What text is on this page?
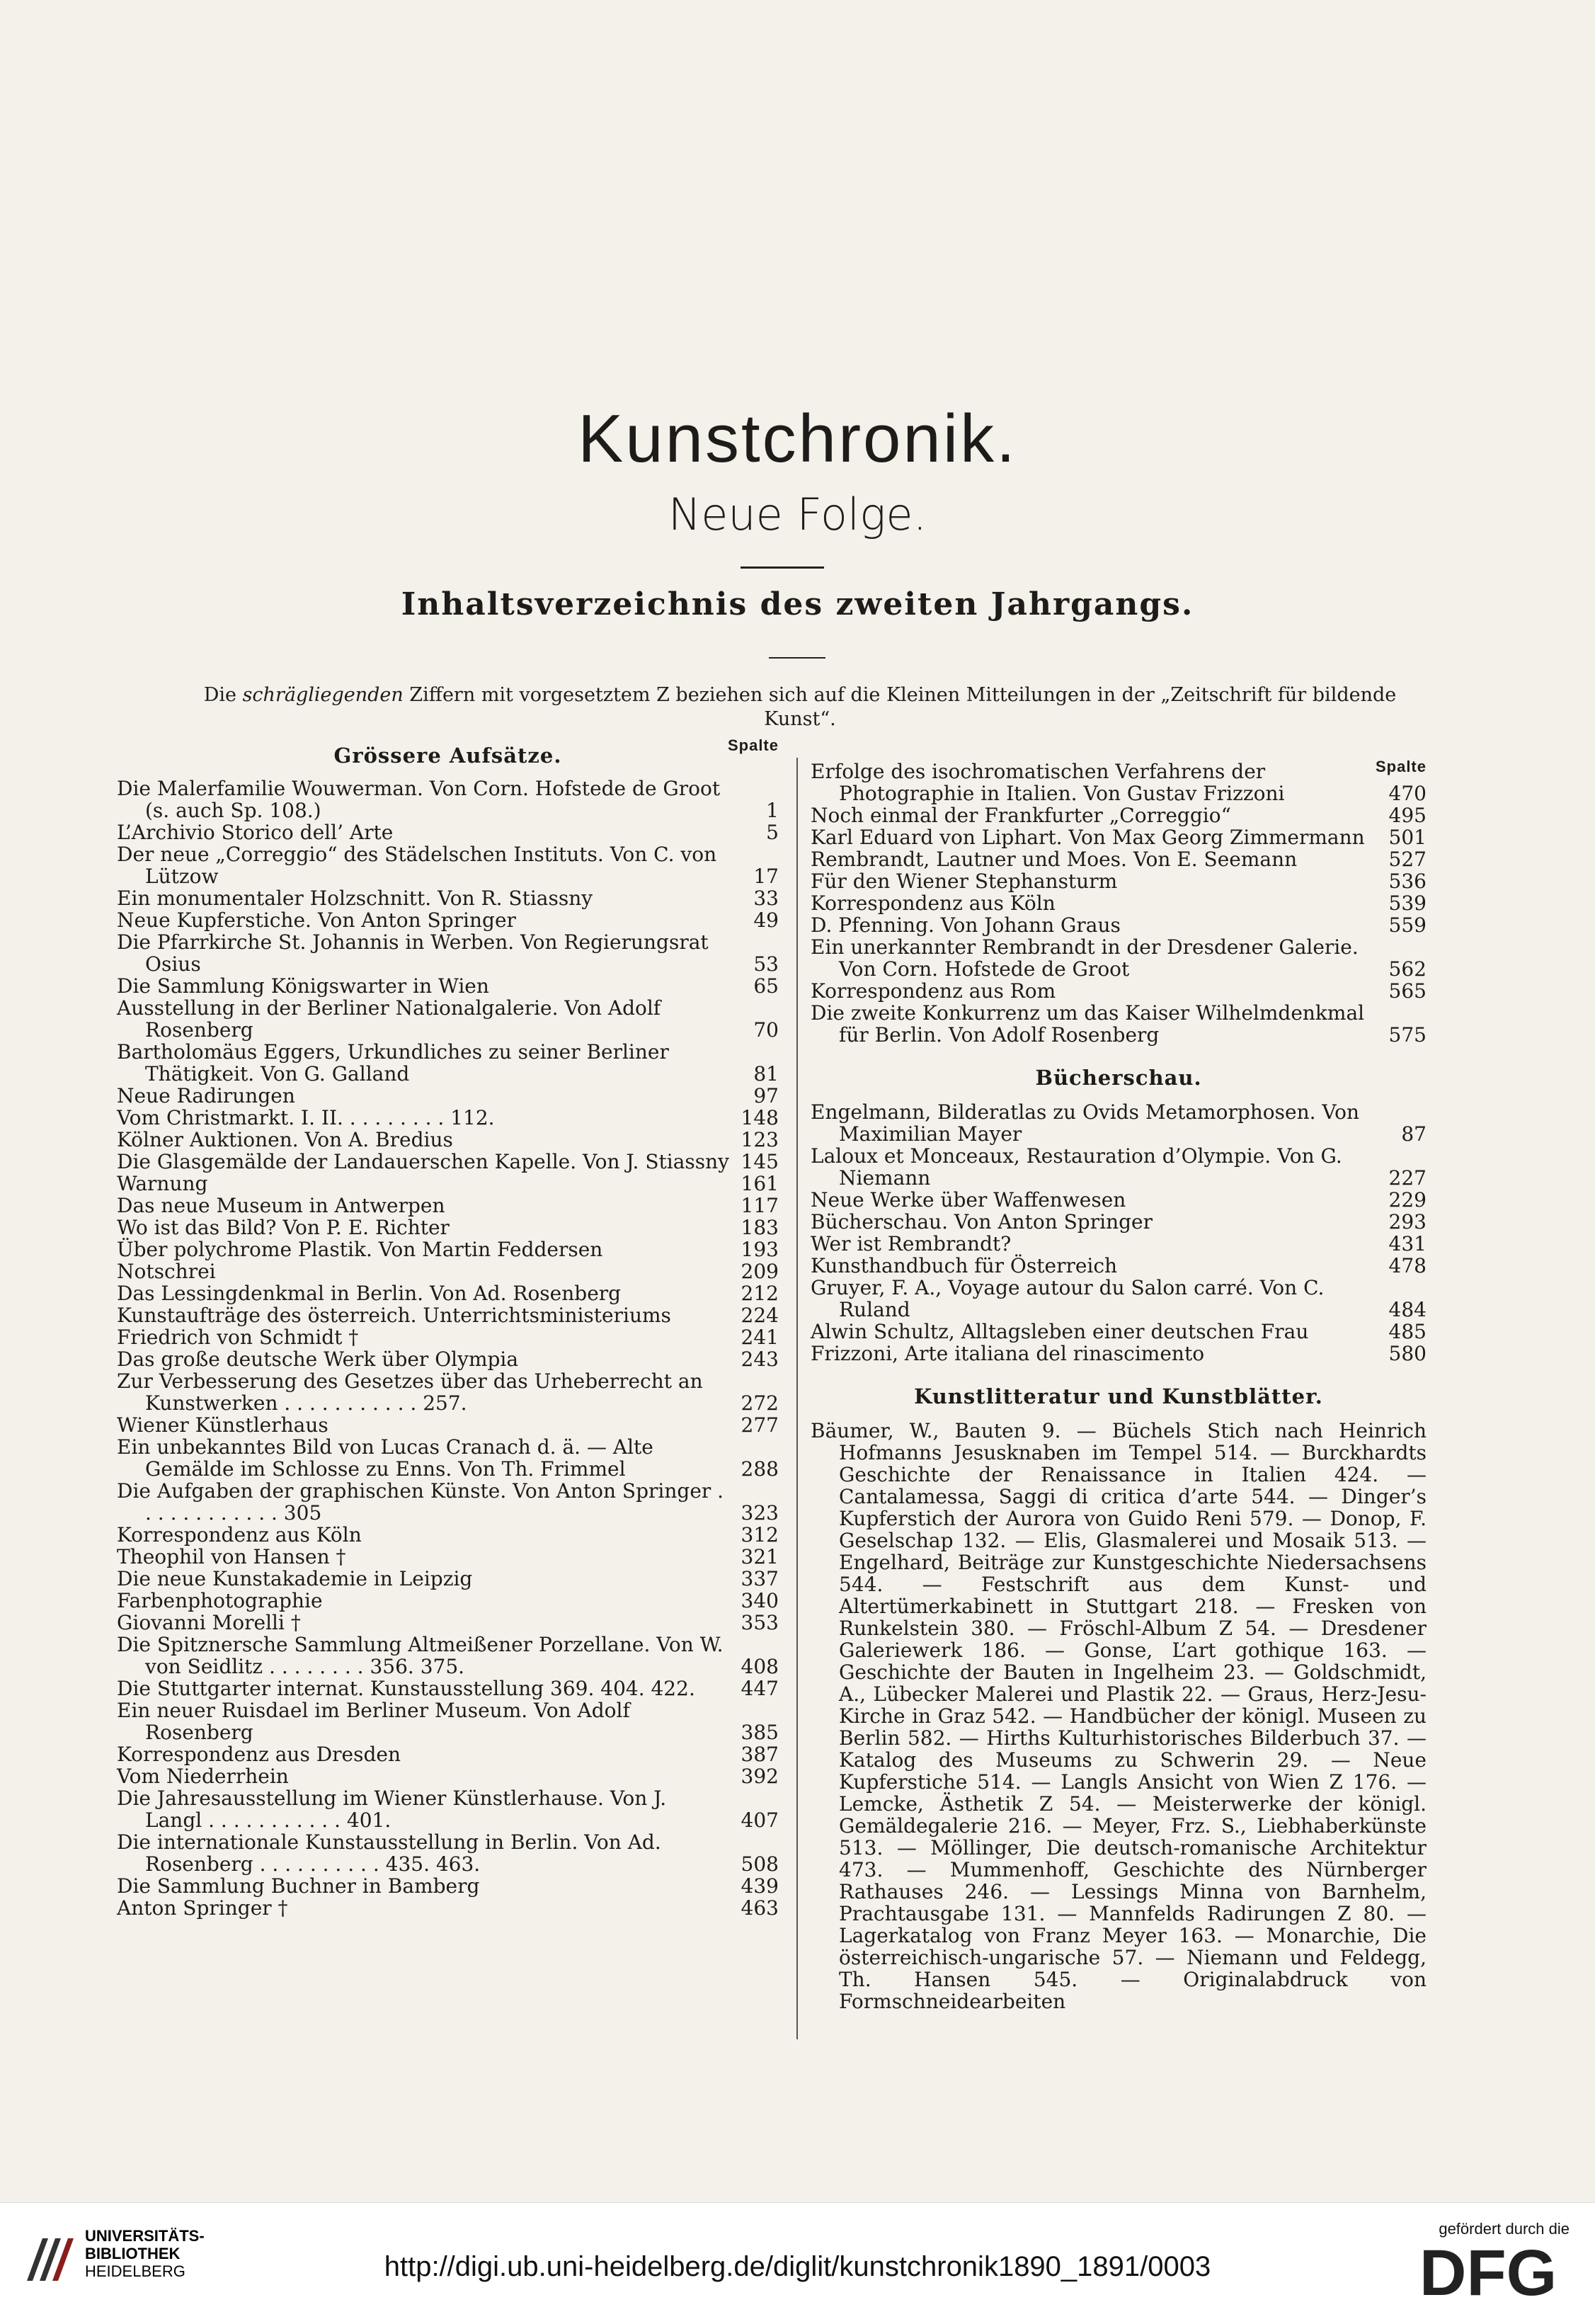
Kunstchronik.
Neue Folge.
Inhaltsverzeichnis des zweiten Jahrgangs.
Die schrägliegenden Ziffern mit vorgesetztem Z beziehen sich auf die Kleinen Mitteilungen in der „Zeitschrift für bildende Kunst“.
Grössere Aufsätze.	Spalte
Die Malerfamilie Wouwerman. Von Corn. Hofstede de Groot (s. auch Sp. 108.)	1
L’Archivio Storico dell’ Arte	5
Der neue „Correggio“ des Städelschen Instituts. Von C. von Lützow	17
Ein monumentaler Holzschnitt. Von R. Stiassny	33
Neue Kupferstiche. Von Anton Springer	49
Die Pfarrkirche St. Johannis in Werben. Von Regierungsrat Osius	53
Die Sammlung Königswarter in Wien	65
Ausstellung in der Berliner Nationalgalerie. Von Adolf Rosenberg	70
Bartholomäus Eggers, Urkundliches zu seiner Berliner Thätigkeit. Von G. Galland	81
Neue Radirungen	97
Vom Christmarkt. I. II. . . . . . . . . 112.	148
Kölner Auktionen. Von A. Bredius	123
Die Glasgemälde der Landauerschen Kapelle. Von J. Stiassny 145
Warnung	161
Das neue Museum in Antwerpen	117
Wo ist das Bild? Von P. E. Richter	183
Über polychrome Plastik. Von Martin Feddersen	193
Notschrei	209
Das Lessingdenkmal in Berlin. Von Ad. Rosenberg	212
Kunstaufträge des österreich. Unterrichtsministeriums	224
Friedrich von Schmidt †	241
Das große deutsche Werk über Olympia	243
Zur Verbesserung des Gesetzes über das Urheberrecht an Kunstwerken . . . . . . . . . . . 257.	272
Wiener Künstlerhaus	277
Ein unbekanntes Bild von Lucas Cranach d. ä. — Alte Gemälde im Schlosse zu Enns. Von Th. Frimmel	288
Die Aufgaben der graphischen Künste. Von Anton Springer . . . . . . . . . . . . 305	323
Korrespondenz aus Köln	312
Theophil von Hansen †	321
Die neue Kunstakademie in Leipzig	337
Farbenphotographie	340
Giovanni Morelli †	353
Die Spitznersche Sammlung Altmeißener Porzellane. Von W. von Seidlitz . . . . . . . . 356. 375.	408
Die Stuttgarter internat. Kunstausstellung 369. 404. 422.	447
Ein neuer Ruisdael im Berliner Museum. Von Adolf Rosenberg	385
Korrespondenz aus Dresden	387
Vom Niederrhein	392
Die Jahresausstellung im Wiener Künstlerhause. Von J. Langl . . . . . . . . . . . 401.	407
Die internationale Kunstausstellung in Berlin. Von Ad. Rosenberg . . . . . . . . . . 435. 463.	508
Die Sammlung Buchner in Bamberg	439
Anton Springer †	463
Spalte
Erfolge des isochromatischen Verfahrens der Photographie in Italien. Von Gustav Frizzoni	470
Noch einmal der Frankfurter „Correggio“	495
Karl Eduard von Liphart. Von Max Georg Zimmermann	501
Rembrandt, Lautner und Moes. Von E. Seemann	527
Für den Wiener Stephansturm	536
Korrespondenz aus Köln	539
D. Pfenning. Von Johann Graus	559
Ein unerkannter Rembrandt in der Dresdener Galerie. Von Corn. Hofstede de Groot	562
Korrespondenz aus Rom	565
Die zweite Konkurrenz um das Kaiser Wilhelmdenkmal für Berlin. Von Adolf Rosenberg	575
Bücherschau.
Engelmann, Bilderatlas zu Ovids Metamorphosen. Von Maximilian Mayer	87
Laloux et Monceaux, Restauration d’Olympie. Von G. Niemann	227
Neue Werke über Waffenwesen	229
Bücherschau. Von Anton Springer	293
Wer ist Rembrandt?	431
Kunsthandbuch für Österreich	478
Gruyer, F. A., Voyage autour du Salon carré. Von C. Ruland	484
Alwin Schultz, Alltagsleben einer deutschen Frau	485
Frizzoni, Arte italiana del rinascimento	580
Kunstlitteratur und Kunstblätter.
Bäumer, W., Bauten 9. — Büchels Stich nach Heinrich Hofmanns Jesusknaben im Tempel 514. — Burckhardts Geschichte der Renaissance in Italien 424. — Cantalamessa, Saggi di critica d’arte 544. — Dinger’s Kupferstich der Aurora von Guido Reni 579. — Donop, F. Geselschap 132. — Elis, Glasmalerei und Mosaik 513. — Engelhard, Beiträge zur Kunstgeschichte Niedersachsens 544. — Festschrift aus dem Kunst- und Altertümerkabinett in Stuttgart 218. — Fresken von Runkelstein 380. — Fröschl-Album Z 54. — Dresdener Galeriewerk 186. — Gonse, L’art gothique 163. — Geschichte der Bauten in Ingelheim 23. — Goldschmidt, A., Lübecker Malerei und Plastik 22. — Graus, Herz-Jesu-Kirche in Graz 542. — Handbücher der königl. Museen zu Berlin 582. — Hirths Kulturhistorisches Bilderbuch 37. — Katalog des Museums zu Schwerin 29. — Neue Kupferstiche 514. — Langls Ansicht von Wien Z 176. — Lemcke, Ästhetik Z 54. — Meisterwerke der königl. Gemäldegalerie 216. — Meyer, Frz. S., Liebhaberkünste 513. — Möllinger, Die deutsch-romanische Architektur 473. — Mummenhoff, Geschichte des Nürnberger Rathauses 246. — Lessings Minna von Barnhelm, Prachtausgabe 131. — Mannfelds Radirungen Z 80. — Lagerkatalog von Franz Meyer 163. — Monarchie, Die österreichisch-ungarische 57. — Niemann und Feldegg, Th. Hansen 545. — Originalabdruck von Formschneidearbeiten
UNIVERSITÄTS-
BIBLIOTHEK
HEIDELBERG	http://digi.ub.uni-heidelberg.de/diglit/kunstchronik1890_1891/0003
gefördert durch die
DFG
